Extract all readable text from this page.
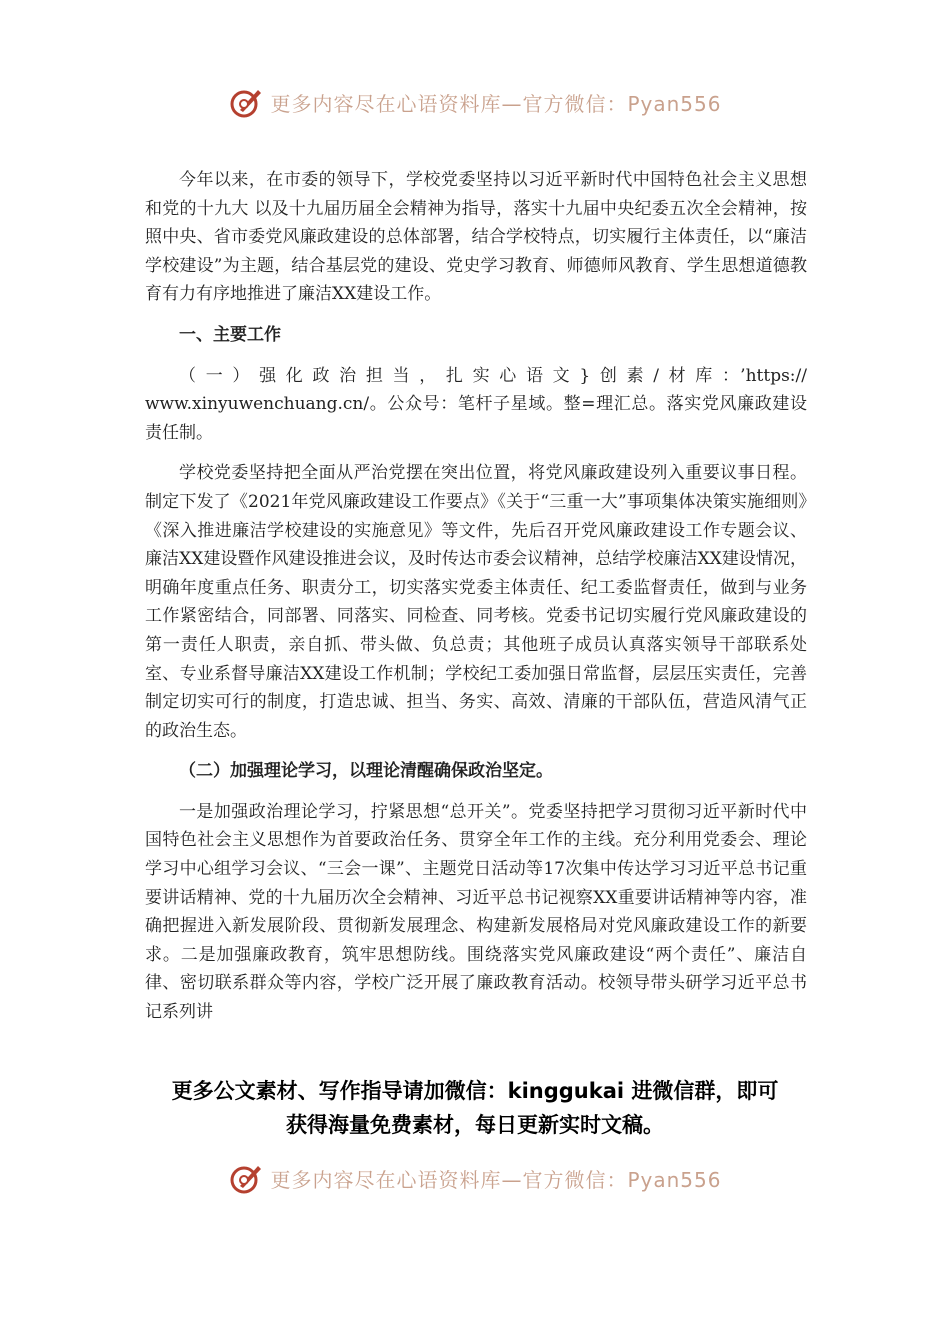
更多内容尽在心语资料库—官方微信：Pyan556

今年以来，在市委的领导下，学校党委坚持以习近平新时代中国特色社会主义思想和党的十九大 以及十九届历届全会精神为指导，落实十九届中央纪委五次全会精神，按照中央、省市委党风廉政建设的总体部署，结合学校特点，切实履行主体责任，以“廉洁学校建设”为主题，结合基层党的建设、党史学习教育、师德师风教育、学生思想道德教育有力有序地推进了廉洁XX建设工作。

一、主要工作

（一）强化政治担当，扎实心语文}创素/材库：’https:// www.xinyuwenchuang.cn/。公众号：笔杆子星域。整=理汇总。落实党风廉政建设责任制。

学校党委坚持把全面从严治党摆在突出位置，将党风廉政建设列入重要议事日程。制定下发了《2021年党风廉政建设工作要点》《关于“三重一大”事项集体决策实施细则》《深入推进廉洁学校建设的实施意见》等文件，先后召开党风廉政建设工作专题会议、廉洁XX建设暨作风建设推进会议，及时传达市委会议精神，总结学校廉洁XX建设情况，明确年度重点任务、职责分工，切实落实党委主体责任、纪工委监督责任，做到与业务工作紧密结合，同部署、同落实、同检查、同考核。党委书记切实履行党风廉政建设的第一责任人职责，亲自抓、带头做、负总责；其他班子成员认真落实领导干部联系处室、专业系督导廉洁XX建设工作机制；学校纪工委加强日常监督，层层压实责任，完善制定切实可行的制度，打造忠诚、担当、务实、高效、清廉的干部队伍，营造风清气正的政治生态。

（二）加强理论学习，以理论清醒确保政治坚定。

一是加强政治理论学习，拧紧思想“总开关”。党委坚持把学习贯彻习近平新时代中国特色社会主义思想作为首要政治任务、贯穿全年工作的主线。充分利用党委会、理论学习中心组学习会议、“三会一课”、主题党日活动等17次集中传达学习习近平总书记重要讲话精神、党的十九届历次全会精神、习近平总书记视察XX重要讲话精神等内容，准确把握进入新发展阶段、贯彻新发展理念、构建新发展格局对党风廉政建设工作的新要求。二是加强廉政教育，筑牢思想防线。围绕落实党风廉政建设“两个责任”、廉洁自律、密切联系群众等内容，学校广泛开展了廉政教育活动。校领导带头研学习近平总书记系列讲

更多公文素材、写作指导请加微信：kinggukai 进微信群，即可
获得海量免费素材，每日更新实时文稿。
更多内容尽在心语资料库—官方微信：Pyan556
